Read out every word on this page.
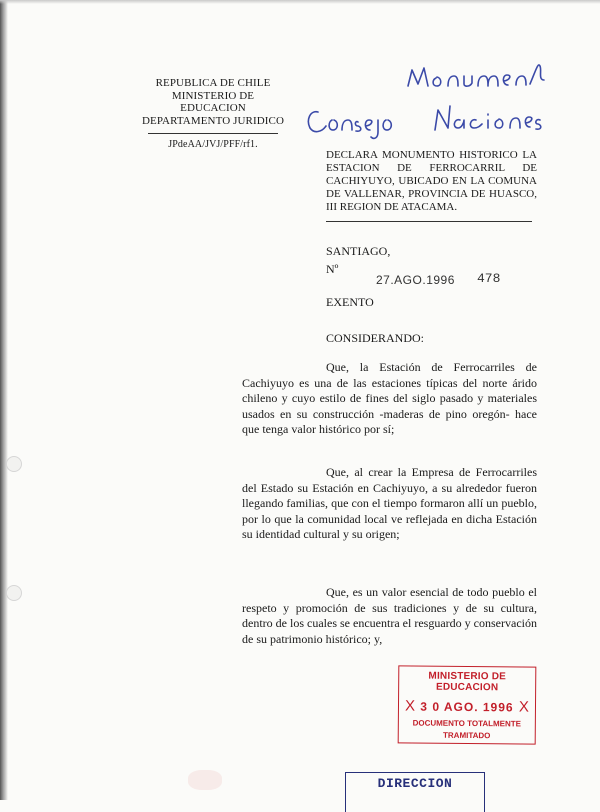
REPUBLICA DE CHILE
MINISTERIO DE EDUCACION
DEPARTAMENTO JURIDICO
JPdeAA/JVJ/PFF/rf1.
DECLARA MONUMENTO HISTORICO LA ESTACION DE FERROCARRIL DE CACHIYUYO, UBICADO EN LA COMUNA DE VALLENAR, PROVINCIA DE HUASCO, III REGION DE ATACAMA.
SANTIAGO,
Nº
27.AGO.1996 478
EXENTO
CONSIDERANDO:

Que, la Estación de Ferrocarriles de Cachiyuyo es una de las estaciones típicas del norte árido chileno y cuyo estilo de fines del siglo pasado y materiales usados en su construcción -maderas de pino oregón- hace que tenga valor histórico por sí;

Que, al crear la Empresa de Ferrocarriles del Estado su Estación en Cachiyuyo, a su alrededor fueron llegando familias, que con el tiempo formaron allí un pueblo, por lo que la comunidad local ve reflejada en dicha Estación su identidad cultural y su origen;

Que, es un valor esencial de todo pueblo el respeto y promoción de sus tradiciones y de su cultura, dentro de los cuales se encuentra el resguardo y conservación de su patrimonio histórico; y,

MINISTERIO DE EDUCACION
X 3 0 AGO. 1996 X
DOCUMENTO TOTALMENTE
TRAMITADO
DIRECCION
